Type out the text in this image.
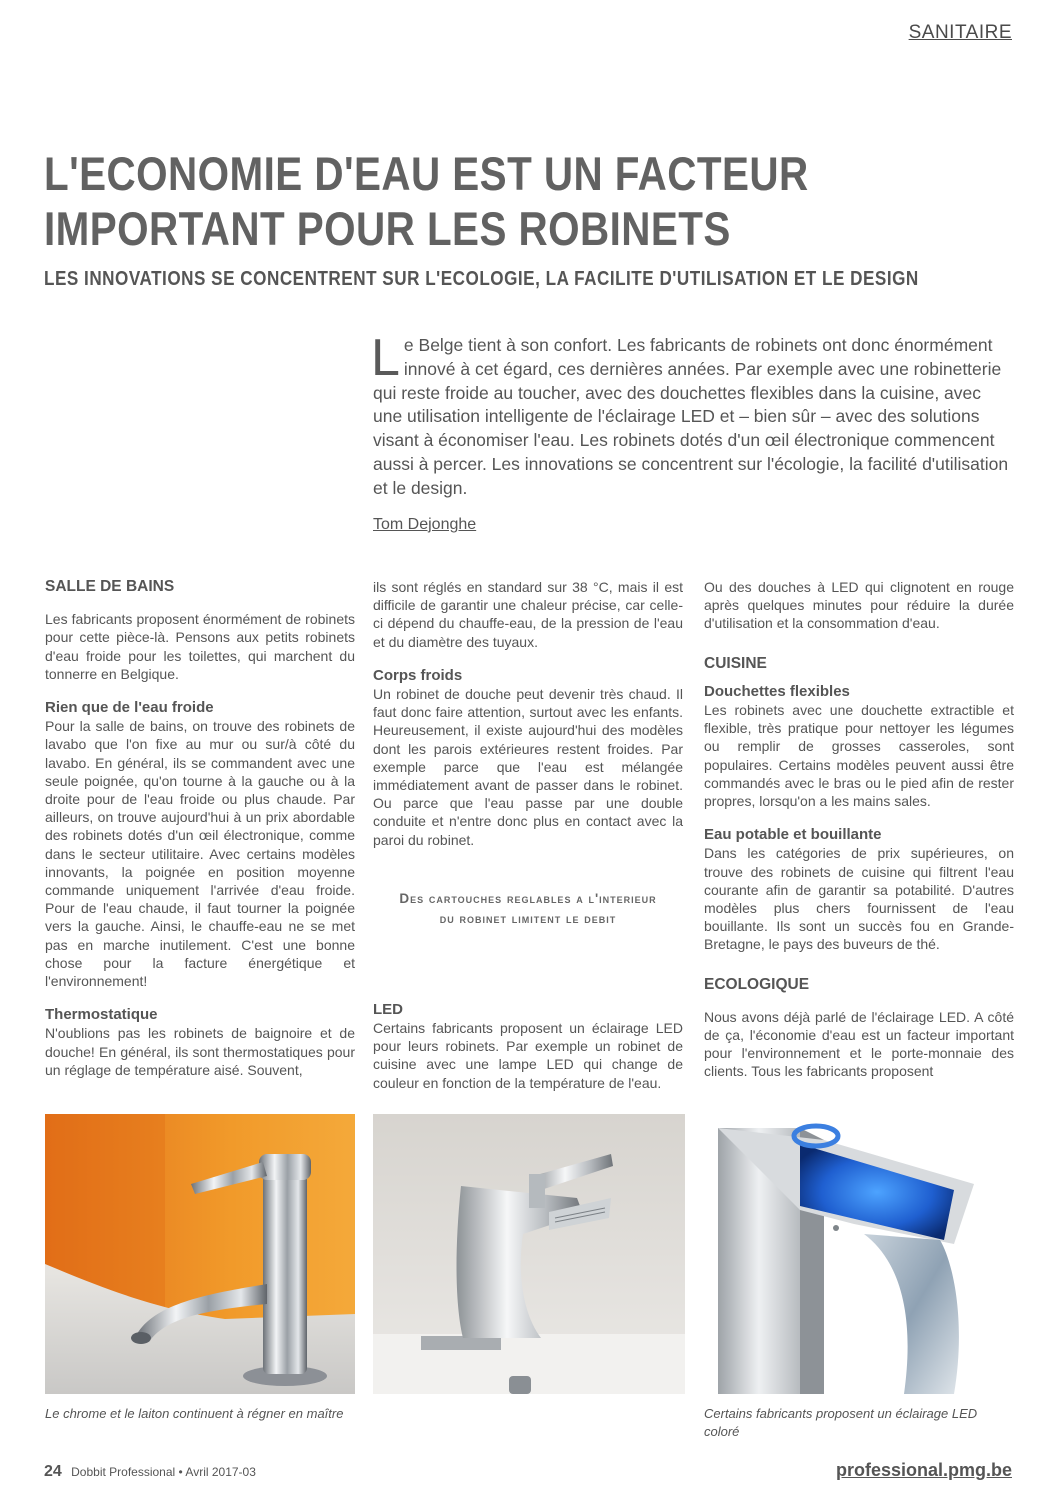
SANITAIRE
L'ECONOMIE D'EAU EST UN FACTEUR IMPORTANT POUR LES ROBINETS
LES INNOVATIONS SE CONCENTRENT SUR L'ECOLOGIE, LA FACILITE D'UTILISATION ET LE DESIGN

L e Belge tient à son confort. Les fabricants de robinets ont donc énormément innové à cet égard, ces dernières années. Par exemple avec une robinetterie qui reste froide au toucher, avec des douchettes flexibles dans la cuisine, avec une utilisation intelligente de l'éclairage LED et – bien sûr – avec des solutions visant à économiser l'eau. Les robinets dotés d'un œil électronique commencent aussi à percer. Les innovations se concentrent sur l'écologie, la facilité d'utilisation et le design.

Tom Dejonghe
SALLE DE BAINS

Les fabricants proposent énormément de robinets pour cette pièce-là. Pensons aux petits robinets d'eau froide pour les toilettes, qui marchent du tonnerre en Belgique.

Rien que de l'eau froide

Pour la salle de bains, on trouve des robinets de lavabo que l'on fixe au mur ou sur/à côté du lavabo. En général, ils se commandent avec une seule poignée, qu'on tourne à la gauche ou à la droite pour de l'eau froide ou plus chaude. Par ailleurs, on trouve aujourd'hui à un prix abordable des robinets dotés d'un œil électronique, comme dans le secteur utilitaire. Avec certains modèles innovants, la poignée en position moyenne commande uniquement l'arrivée d'eau froide. Pour de l'eau chaude, il faut tourner la poignée vers la gauche. Ainsi, le chauffe-eau ne se met pas en marche inutilement. C'est une bonne chose pour la facture énergétique et l'environnement!

Thermostatique

N'oublions pas les robinets de baignoire et de douche! En général, ils sont thermostatiques pour un réglage de température aisé. Souvent,

ils sont réglés en standard sur 38 °C, mais il est difficile de garantir une chaleur précise, car celle-ci dépend du chauffe-eau, de la pression de l'eau et du diamètre des tuyaux.

Corps froids

Un robinet de douche peut devenir très chaud. Il faut donc faire attention, surtout avec les enfants. Heureusement, il existe aujourd'hui des modèles dont les parois extérieures restent froides. Par exemple parce que l'eau est mélangée immédiatement avant de passer dans le robinet. Ou parce que l'eau passe par une double conduite et n'entre donc plus en contact avec la paroi du robinet.

Des cartouches reglables a l'interieur
du robinet limitent le debit
LED

Certains fabricants proposent un éclairage LED pour leurs robinets. Par exemple un robinet de cuisine avec une lampe LED qui change de couleur en fonction de la température de l'eau.

Ou des douches à LED qui clignotent en rouge après quelques minutes pour réduire la durée d'utilisation et la consommation d'eau.

CUISINE
Douchettes flexibles

Les robinets avec une douchette extractible et flexible, très pratique pour nettoyer les légumes ou remplir de grosses casseroles, sont populaires. Certains modèles peuvent aussi être commandés avec le bras ou le pied afin de rester propres, lorsqu'on a les mains sales.

Eau potable et bouillante

Dans les catégories de prix supérieures, on trouve des robinets de cuisine qui filtrent l'eau courante afin de garantir sa potabilité. D'autres modèles plus chers fournissent de l'eau bouillante. Ils sont un succès fou en Grande-Bretagne, le pays des buveurs de thé.

ECOLOGIQUE

Nous avons déjà parlé de l'éclairage LED. A côté de ça, l'économie d'eau est un facteur important pour l'environnement et le porte-monnaie des clients. Tous les fabricants proposent

Le chrome et le laiton continuent à régner en maître	Certains fabricants proposent un éclairage LED coloré
24 Dobbit Professional • Avril 2017-03	professional.pmg.be
